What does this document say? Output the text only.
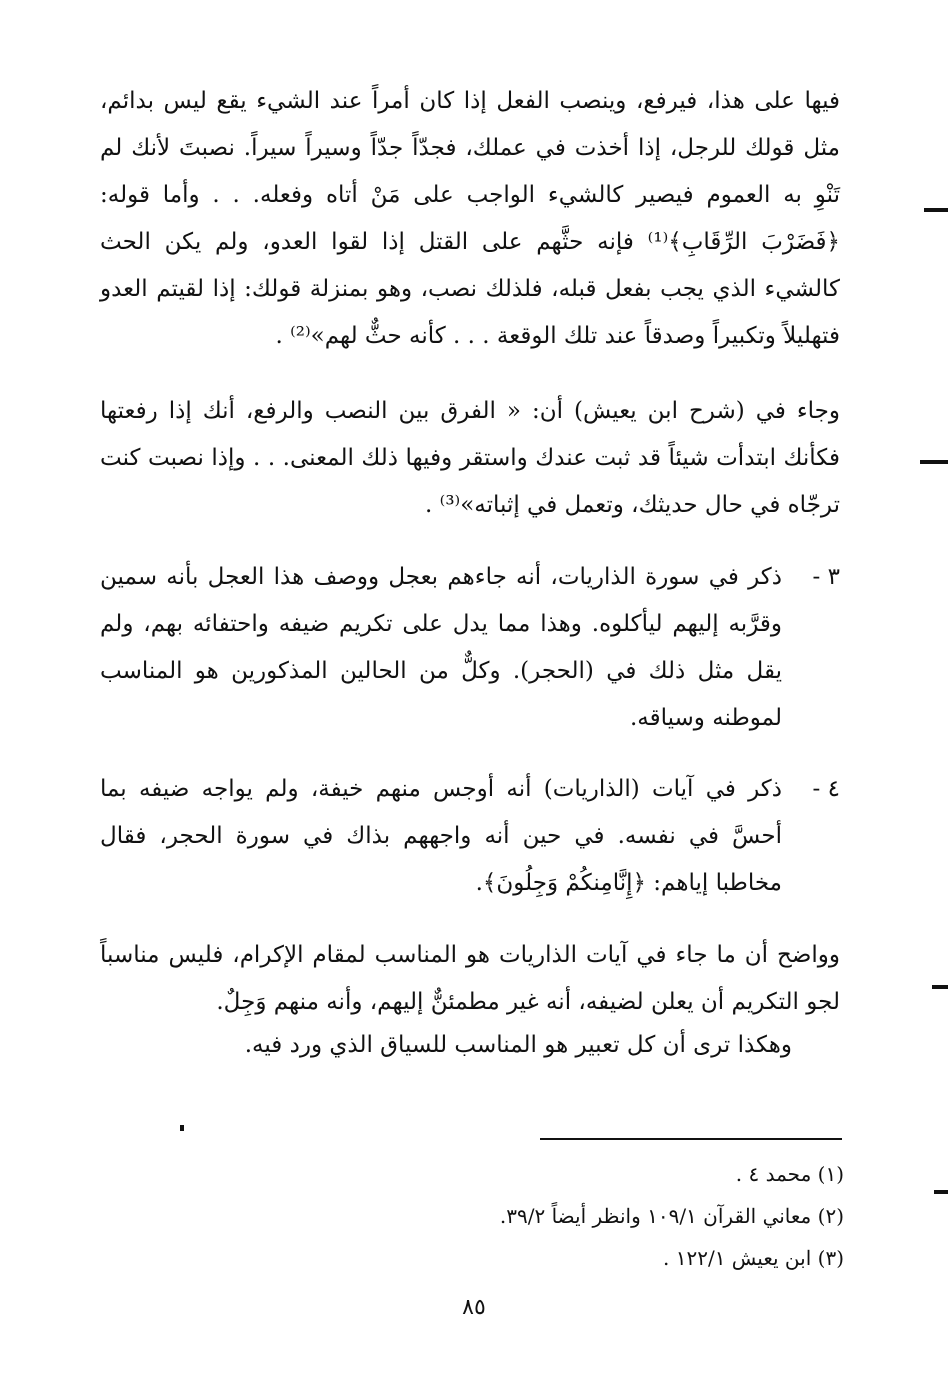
فيها على هذا، فيرفع، وينصب الفعل إذا كان أمراً عند الشيء يقع ليس بدائم، مثل قولك للرجل، إذا أخذت في عملك، فجدّاً جدّاً وسيراً سيراً. نصبتَ لأنك لم تَنْوِ به العموم فيصير كالشيء الواجب على مَنْ أتاه وفعله. . . وأما قوله: ﴿فَضَرْبَ الرِّقَابِ﴾⁽¹⁾ فإنه حثَّهم على القتل إذا لقوا العدو، ولم يكن الحث كالشيء الذي يجب بفعل قبله، فلذلك نصب، وهو بمنزلة قولك: إذا لقيتم العدو فتهليلاً وتكبيراً وصدقاً عند تلك الوقعة . . . كأنه حثٌّ لهم»⁽²⁾ .

وجاء في (شرح ابن يعيش) أن: « الفرق بين النصب والرفع، أنك إذا رفعتها فكأنك ابتدأت شيئاً قد ثبت عندك واستقر وفيها ذلك المعنى. . . وإذا نصبت كنت ترجّاه في حال حديثك، وتعمل في إثباته»⁽³⁾ .

٣ -
ذكر في سورة الذاريات، أنه جاءهم بعجل ووصف هذا العجل بأنه سمين وقرَّبه إليهم ليأكلوه. وهذا مما يدل على تكريم ضيفه واحتفائه بهم، ولم يقل مثل ذلك في (الحجر). وكلٌّ من الحالين المذكورين هو المناسب لموطنه وسياقه.
٤ -
ذكر في آيات (الذاريات) أنه أوجس منهم خيفة، ولم يواجه ضيفه بما أحسَّ في نفسه. في حين أنه واجههم بذاك في سورة الحجر، فقال مخاطبا إياهم: ﴿إِنَّامِنكُمْ وَجِلُونَ﴾.

وواضح أن ما جاء في آيات الذاريات هو المناسب لمقام الإكرام، فليس مناسباً لجو التكريم أن يعلن لضيفه، أنه غير مطمئنٌّ إليهم، وأنه منهم وَجِلٌ.

وهكذا ترى أن كل تعبير هو المناسب للسياق الذي ورد فيه.

(١) محمد ٤ .
(٢) معاني القرآن ١٠٩/١ وانظر أيضاً ٣٩/٢.
(٣) ابن يعيش ١٢٢/١ .
٨٥
